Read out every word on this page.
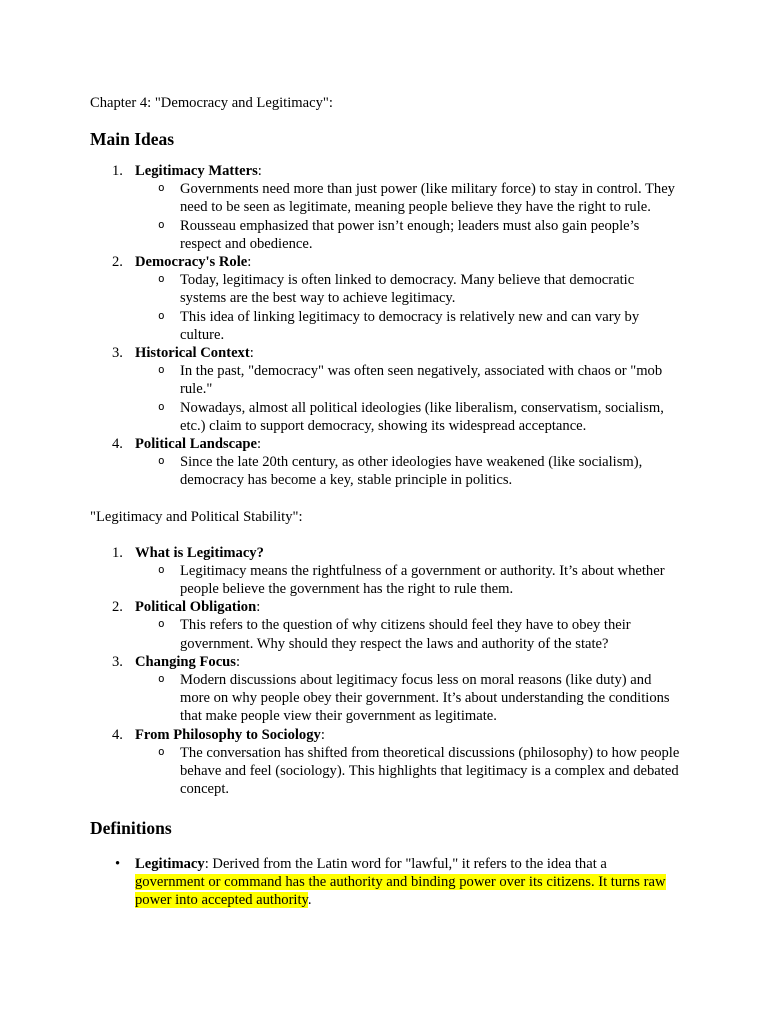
Chapter 4: "Democracy and Legitimacy":

Main Ideas
1. Legitimacy Matters:
o Governments need more than just power (like military force) to stay in control. They need to be seen as legitimate, meaning people believe they have the right to rule.
o Rousseau emphasized that power isn’t enough; leaders must also gain people’s respect and obedience.
2. Democracy's Role:
o Today, legitimacy is often linked to democracy. Many believe that democratic systems are the best way to achieve legitimacy.
o This idea of linking legitimacy to democracy is relatively new and can vary by culture.
3. Historical Context:
o In the past, "democracy" was often seen negatively, associated with chaos or "mob rule."
o Nowadays, almost all political ideologies (like liberalism, conservatism, socialism, etc.) claim to support democracy, showing its widespread acceptance.
4. Political Landscape:
o Since the late 20th century, as other ideologies have weakened (like socialism), democracy has become a key, stable principle in politics.

"Legitimacy and Political Stability":

1. What is Legitimacy?
o Legitimacy means the rightfulness of a government or authority. It’s about whether people believe the government has the right to rule them.
2. Political Obligation:
o This refers to the question of why citizens should feel they have to obey their government. Why should they respect the laws and authority of the state?
3. Changing Focus:
o Modern discussions about legitimacy focus less on moral reasons (like duty) and more on why people obey their government. It’s about understanding the conditions that make people view their government as legitimate.
4. From Philosophy to Sociology:
o The conversation has shifted from theoretical discussions (philosophy) to how people behave and feel (sociology). This highlights that legitimacy is a complex and debated concept.
Definitions
• Legitimacy: Derived from the Latin word for "lawful," it refers to the idea that a government or command has the authority and binding power over its citizens. It turns raw power into accepted authority.
